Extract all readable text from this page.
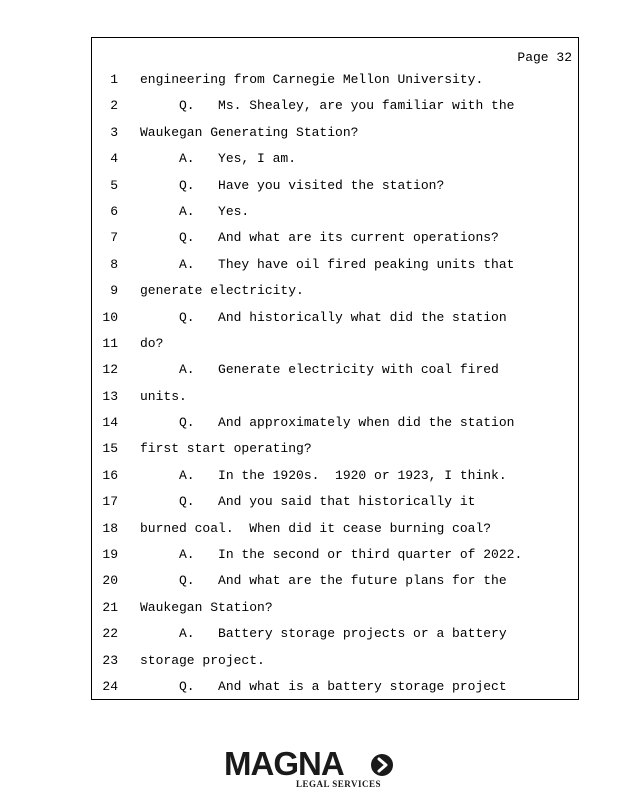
Page 32
1 engineering from Carnegie Mellon University.
2 Q.   Ms. Shealey, are you familiar with the
3 Waukegan Generating Station?
4 A.   Yes, I am.
5 Q.   Have you visited the station?
6 A.   Yes.
7 Q.   And what are its current operations?
8 A.   They have oil fired peaking units that
9 generate electricity.
10 Q.   And historically what did the station
11 do?
12 A.   Generate electricity with coal fired
13 units.
14 Q.   And approximately when did the station
15 first start operating?
16 A.   In the 1920s.  1920 or 1923, I think.
17 Q.   And you said that historically it
18 burned coal.  When did it cease burning coal?
19 A.   In the second or third quarter of 2022.
20 Q.   And what are the future plans for the
21 Waukegan Station?
22 A.   Battery storage projects or a battery
23 storage project.
24 Q.   And what is a battery storage project
MAGNA
LEGAL SERVICES
